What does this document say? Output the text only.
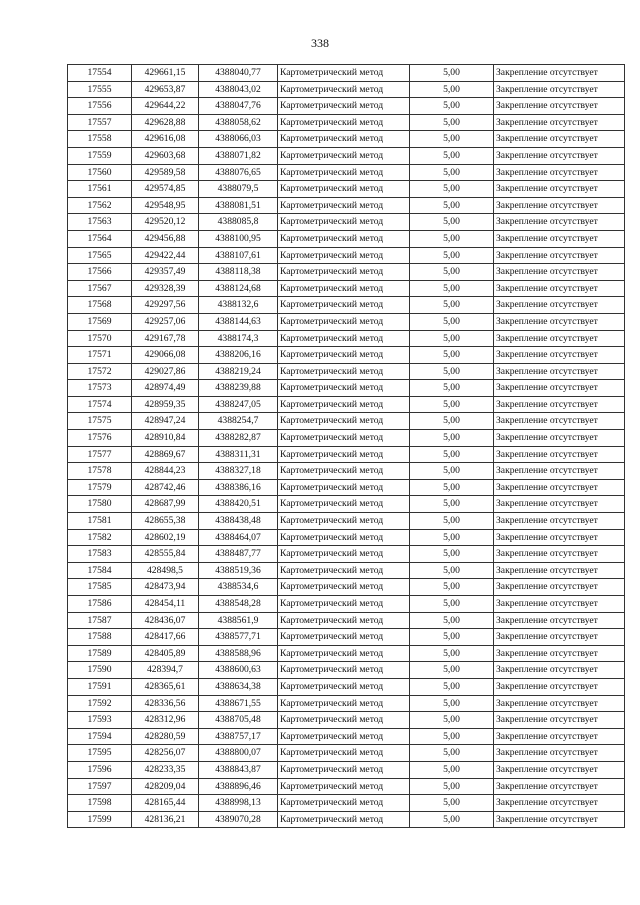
338
17554	429661,15	4388040,77	Картометрический метод	5,00	Закрепление отсутствует
17555	429653,87	4388043,02	Картометрический метод	5,00	Закрепление отсутствует
17556	429644,22	4388047,76	Картометрический метод	5,00	Закрепление отсутствует
17557	429628,88	4388058,62	Картометрический метод	5,00	Закрепление отсутствует
17558	429616,08	4388066,03	Картометрический метод	5,00	Закрепление отсутствует
17559	429603,68	4388071,82	Картометрический метод	5,00	Закрепление отсутствует
17560	429589,58	4388076,65	Картометрический метод	5,00	Закрепление отсутствует
17561	429574,85	4388079,5	Картометрический метод	5,00	Закрепление отсутствует
17562	429548,95	4388081,51	Картометрический метод	5,00	Закрепление отсутствует
17563	429520,12	4388085,8	Картометрический метод	5,00	Закрепление отсутствует
17564	429456,88	4388100,95	Картометрический метод	5,00	Закрепление отсутствует
17565	429422,44	4388107,61	Картометрический метод	5,00	Закрепление отсутствует
17566	429357,49	4388118,38	Картометрический метод	5,00	Закрепление отсутствует
17567	429328,39	4388124,68	Картометрический метод	5,00	Закрепление отсутствует
17568	429297,56	4388132,6	Картометрический метод	5,00	Закрепление отсутствует
17569	429257,06	4388144,63	Картометрический метод	5,00	Закрепление отсутствует
17570	429167,78	4388174,3	Картометрический метод	5,00	Закрепление отсутствует
17571	429066,08	4388206,16	Картометрический метод	5,00	Закрепление отсутствует
17572	429027,86	4388219,24	Картометрический метод	5,00	Закрепление отсутствует
17573	428974,49	4388239,88	Картометрический метод	5,00	Закрепление отсутствует
17574	428959,35	4388247,05	Картометрический метод	5,00	Закрепление отсутствует
17575	428947,24	4388254,7	Картометрический метод	5,00	Закрепление отсутствует
17576	428910,84	4388282,87	Картометрический метод	5,00	Закрепление отсутствует
17577	428869,67	4388311,31	Картометрический метод	5,00	Закрепление отсутствует
17578	428844,23	4388327,18	Картометрический метод	5,00	Закрепление отсутствует
17579	428742,46	4388386,16	Картометрический метод	5,00	Закрепление отсутствует
17580	428687,99	4388420,51	Картометрический метод	5,00	Закрепление отсутствует
17581	428655,38	4388438,48	Картометрический метод	5,00	Закрепление отсутствует
17582	428602,19	4388464,07	Картометрический метод	5,00	Закрепление отсутствует
17583	428555,84	4388487,77	Картометрический метод	5,00	Закрепление отсутствует
17584	428498,5	4388519,36	Картометрический метод	5,00	Закрепление отсутствует
17585	428473,94	4388534,6	Картометрический метод	5,00	Закрепление отсутствует
17586	428454,11	4388548,28	Картометрический метод	5,00	Закрепление отсутствует
17587	428436,07	4388561,9	Картометрический метод	5,00	Закрепление отсутствует
17588	428417,66	4388577,71	Картометрический метод	5,00	Закрепление отсутствует
17589	428405,89	4388588,96	Картометрический метод	5,00	Закрепление отсутствует
17590	428394,7	4388600,63	Картометрический метод	5,00	Закрепление отсутствует
17591	428365,61	4388634,38	Картометрический метод	5,00	Закрепление отсутствует
17592	428336,56	4388671,55	Картометрический метод	5,00	Закрепление отсутствует
17593	428312,96	4388705,48	Картометрический метод	5,00	Закрепление отсутствует
17594	428280,59	4388757,17	Картометрический метод	5,00	Закрепление отсутствует
17595	428256,07	4388800,07	Картометрический метод	5,00	Закрепление отсутствует
17596	428233,35	4388843,87	Картометрический метод	5,00	Закрепление отсутствует
17597	428209,04	4388896,46	Картометрический метод	5,00	Закрепление отсутствует
17598	428165,44	4388998,13	Картометрический метод	5,00	Закрепление отсутствует
17599	428136,21	4389070,28	Картометрический метод	5,00	Закрепление отсутствует
